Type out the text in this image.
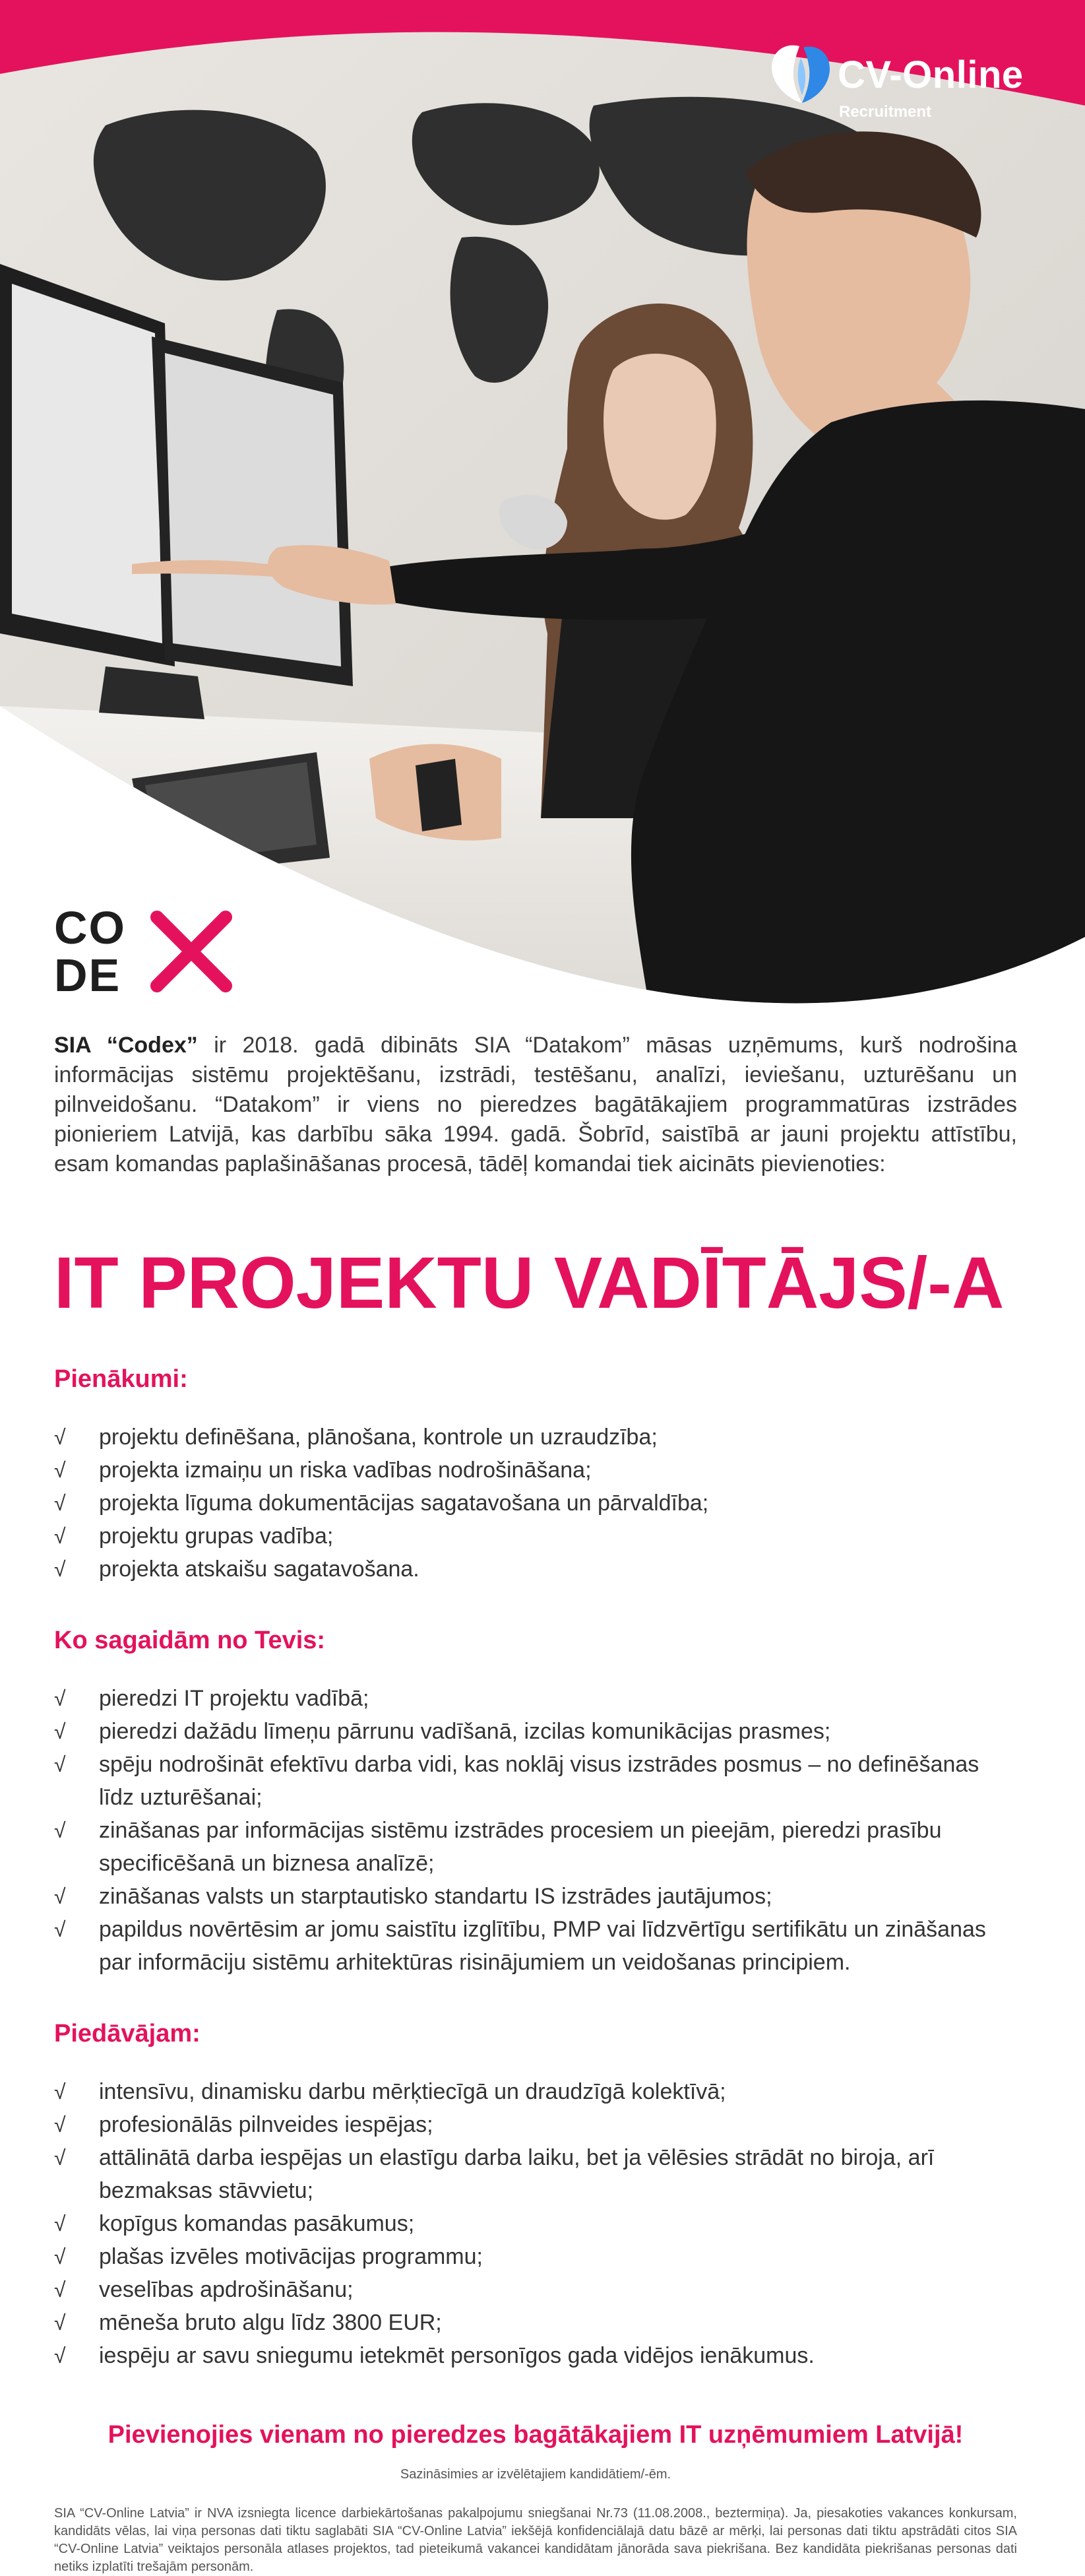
CV-Online
Recruitment
CO
DE

SIA “Codex” ir 2018. gadā dibināts SIA “Datakom” māsas uzņēmums, kurš nodrošina informācijas sistēmu projektēšanu, izstrādi, testēšanu, analīzi, ieviešanu, uzturēšanu un pilnveidošanu. “Datakom” ir viens no pieredzes bagātākajiem programmatūras izstrādes pionieriem Latvijā, kas darbību sāka 1994. gadā. Šobrīd, saistībā ar jauni projektu attīstību, esam komandas paplašināšanas procesā, tādēļ komandai tiek aicināts pievienoties:

IT PROJEKTU VADĪTĀJS/-A
Pienākumi:
√ projektu definēšana, plānošana, kontrole un uzraudzība;
√ projekta izmaiņu un riska vadības nodrošināšana;
√ projekta līguma dokumentācijas sagatavošana un pārvaldība;
√ projektu grupas vadība;
√ projekta atskaišu sagatavošana.
Ko sagaidām no Tevis:
√ pieredzi IT projektu vadībā;
√ pieredzi dažādu līmeņu pārrunu vadīšanā, izcilas komunikācijas prasmes;
√ spēju nodrošināt efektīvu darba vidi, kas noklāj visus izstrādes posmus – no definēšanas līdz uzturēšanai;
√ zināšanas par informācijas sistēmu izstrādes procesiem un pieejām, pieredzi prasību specificēšanā un biznesa analīzē;
√ zināšanas valsts un starptautisko standartu IS izstrādes jautājumos;
√ papildus novērtēsim ar jomu saistītu izglītību, PMP vai līdzvērtīgu sertifikātu un zināšanas par informāciju sistēmu arhitektūras risinājumiem un veidošanas principiem.
Piedāvājam:
√ intensīvu, dinamisku darbu mērķtiecīgā un draudzīgā kolektīvā;
√ profesionālās pilnveides iespējas;
√ attālinātā darba iespējas un elastīgu darba laiku, bet ja vēlēsies strādāt no biroja, arī bezmaksas stāvvietu;
√ kopīgus komandas pasākumus;
√ plašas izvēles motivācijas programmu;
√ veselības apdrošināšanu;
√ mēneša bruto algu līdz 3800 EUR;
√ iespēju ar savu sniegumu ietekmēt personīgos gada vidējos ienākumus.
Pievienojies vienam no pieredzes bagātākajiem IT uzņēmumiem Latvijā!
Sazināsimies ar izvēlētajiem kandidātiem/-ēm.
SIA “CV-Online Latvia” ir NVA izsniegta licence darbiekārtošanas pakalpojumu sniegšanai Nr.73 (11.08.2008., beztermiņa). Ja, piesakoties vakances konkursam, kandidāts vēlas, lai viņa personas dati tiktu saglabāti SIA “CV-Online Latvia” iekšējā konfidenciālajā datu bāzē ar mērķi, lai personas dati tiktu apstrādāti citos SIA “CV-Online Latvia” veiktajos personāla atlases projektos, tad pieteikumā vakancei kandidātam jānorāda sava piekrišana. Bez kandidāta piekrišanas personas dati netiks izplatīti trešajām personām.
